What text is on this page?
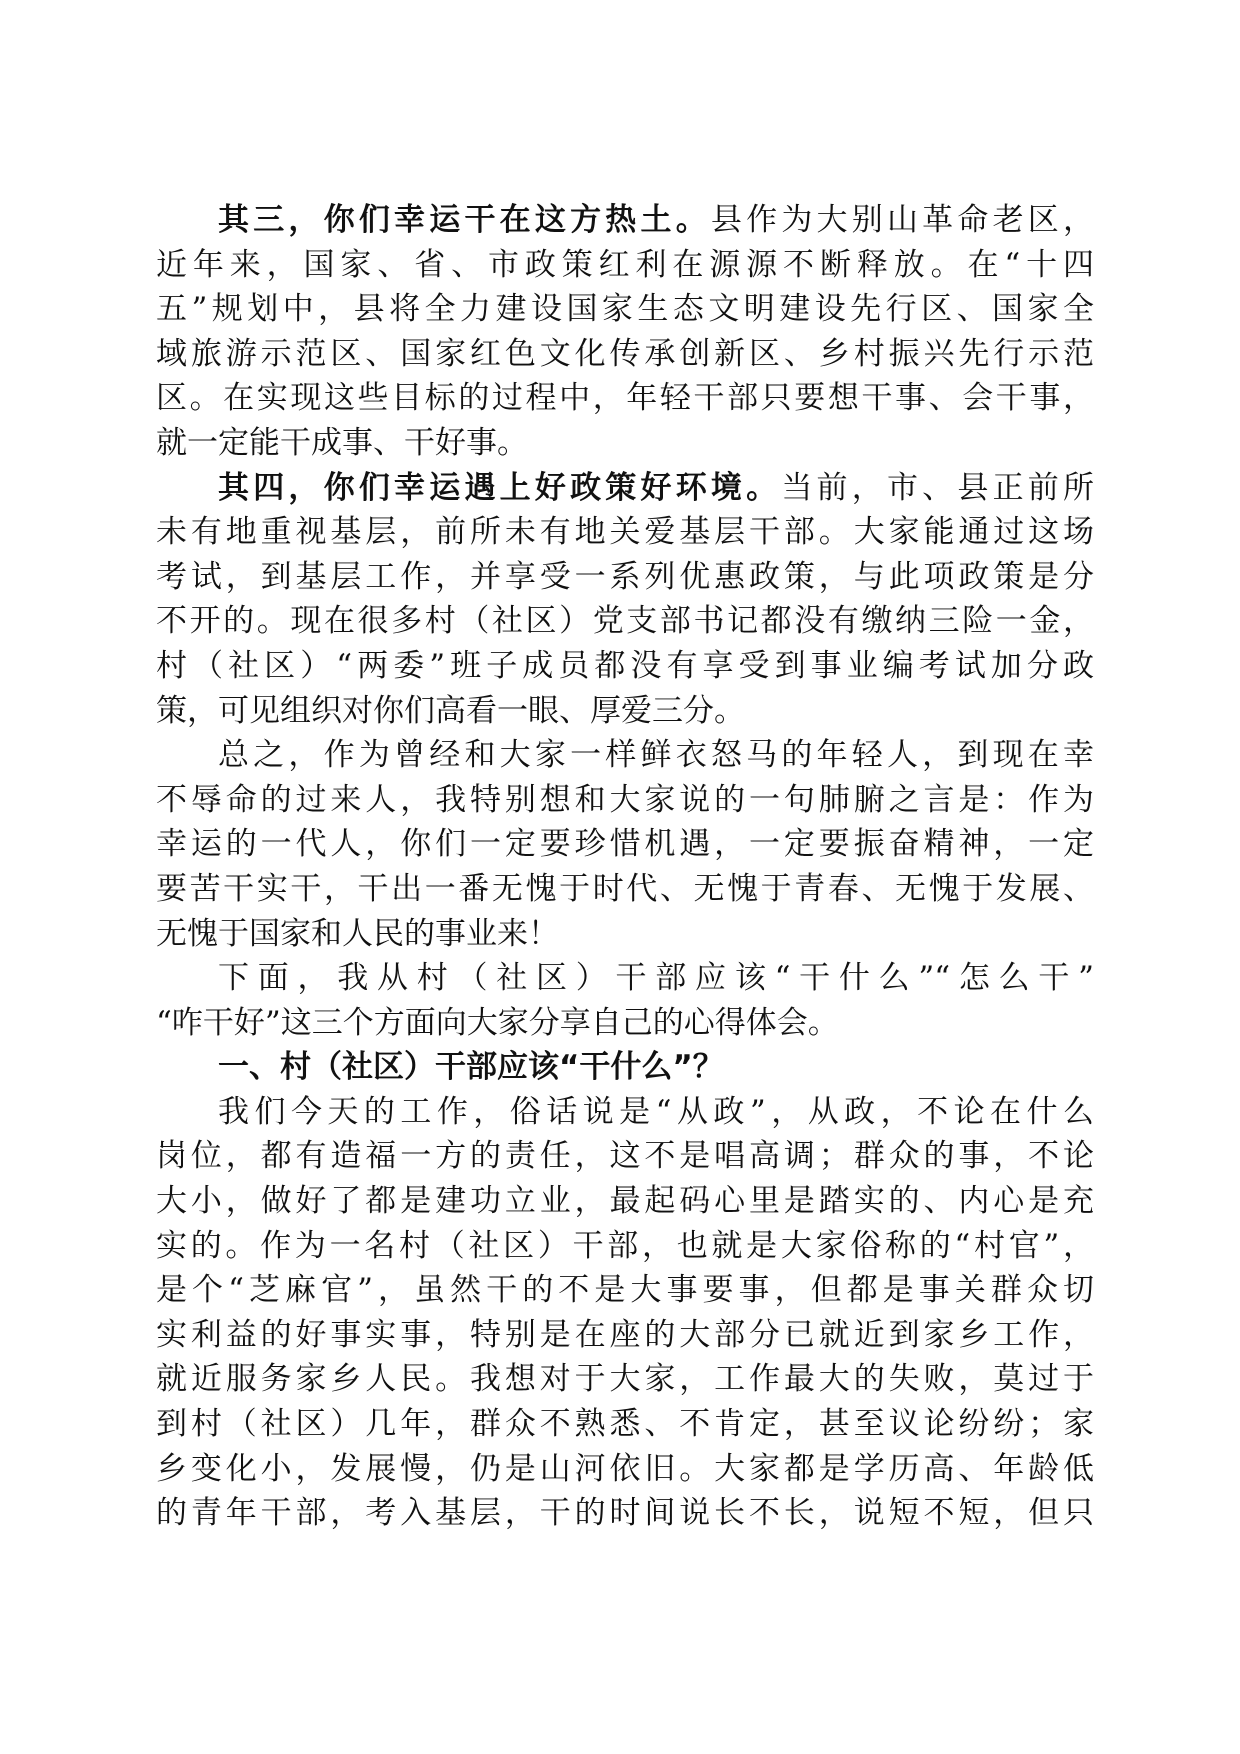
其三，你们幸运干在这方热土。县作为大别山革命老区，
近年来，国家、省、市政策红利在源源不断释放。在“十四
五”规划中，县将全力建设国家生态文明建设先行区、国家全
域旅游示范区、国家红色文化传承创新区、乡村振兴先行示范
区。在实现这些目标的过程中，年轻干部只要想干事、会干事，
就一定能干成事、干好事。
其四，你们幸运遇上好政策好环境。当前，市、县正前所
未有地重视基层，前所未有地关爱基层干部。大家能通过这场
考试，到基层工作，并享受一系列优惠政策，与此项政策是分
不开的。现在很多村（社区）党支部书记都没有缴纳三险一金，
村（社区）“两委”班子成员都没有享受到事业编考试加分政
策，可见组织对你们高看一眼、厚爱三分。
总之，作为曾经和大家一样鲜衣怒马的年轻人，到现在幸
不辱命的过来人，我特别想和大家说的一句肺腑之言是：作为
幸运的一代人，你们一定要珍惜机遇，一定要振奋精神，一定
要苦干实干，干出一番无愧于时代、无愧于青春、无愧于发展、
无愧于国家和人民的事业来！
下面，我从村（社区）干部应该“干什么”“怎么干”
“咋干好”这三个方面向大家分享自己的心得体会。
一、村（社区）干部应该“干什么”？
我们今天的工作，俗话说是“从政”，从政，不论在什么
岗位，都有造福一方的责任，这不是唱高调；群众的事，不论
大小，做好了都是建功立业，最起码心里是踏实的、内心是充
实的。作为一名村（社区）干部，也就是大家俗称的“村官”，
是个“芝麻官”，虽然干的不是大事要事，但都是事关群众切
实利益的好事实事，特别是在座的大部分已就近到家乡工作，
就近服务家乡人民。我想对于大家，工作最大的失败，莫过于
到村（社区）几年，群众不熟悉、不肯定，甚至议论纷纷；家
乡变化小，发展慢，仍是山河依旧。大家都是学历高、年龄低
的青年干部，考入基层，干的时间说长不长，说短不短，但只
